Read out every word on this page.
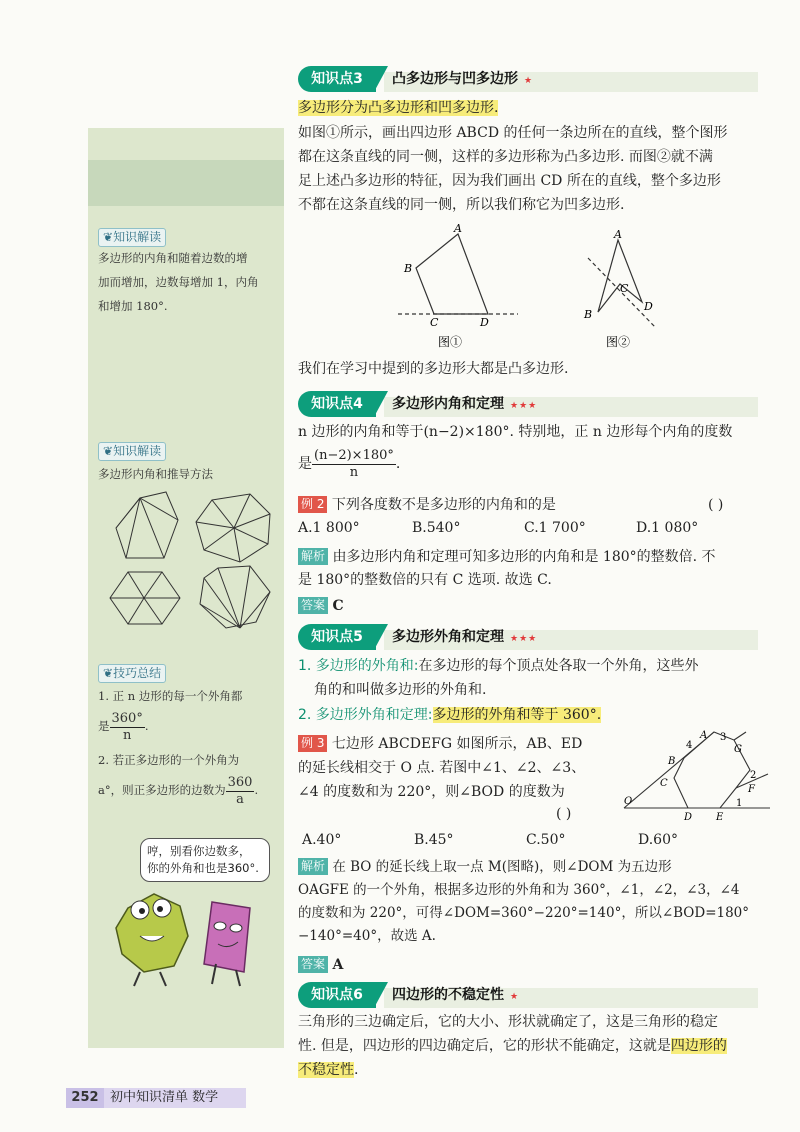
❦知识解读
多边形的内角和随着边数的增
加而增加，边数每增加 1，内角
和增加 180°.
❦知识解读
多边形内角和推导方法
❦技巧总结
1. 正 n 边形的每一个外角都
是 $\frac{360^\circ}{n}$ .
2. 若正多边形的一个外角为
a°，则正多边形的边数为 $\frac{360}{a}$ .
哼，别看你边数多，
你的外角和也是360°.
知识点3	凸多边形与凹多边形 ★
多边形分为凸多边形和凹多边形.
如图①所示，画出四边形 ABCD 的任何一条边所在的直线，整个图形
都在这条直线的同一侧，这样的多边形称为凸多边形. 而图②就不满
足上述凸多边形的特征，因为我们画出 CD 所在的直线，整个多边形
不都在这条直线的同一侧，所以我们称它为凹多边形.
A
B
C	D
A
B
C
D
图①	图②
我们在学习中提到的多边形大都是凸多边形.
知识点4	多边形内角和定理 ★★★
n 边形的内角和等于(n−2)×180°. 特别地，正 n 边形每个内角的度数
是 $\frac{(n-2)\times 180^\circ}{n}$ .
例 2 下列各度数不是多边形的内角和的是	( )
A.1 800°	B.540°	C.1 700°	D.1 080°
解析 由多边形内角和定理可知多边形的内角和是 180°的整数倍. 不
是 180°的整数倍的只有 C 选项. 故选 C.
答案 C
知识点5	多边形外角和定理 ★★★
1. 多边形的外角和:在多边形的每个顶点处各取一个外角，这些外
角的和叫做多边形的外角和.
2. 多边形外角和定理:多边形的外角和等于 360°.
例 3 七边形 ABCDEFG 如图所示，AB、ED
的延长线相交于 O 点. 若图中∠1、∠2、∠3、
∠4 的度数和为 220°，则∠BOD 的度数为
( )
A
B
C
D E
F
G
O	1
2
3
4
A.40°	B.45°	C.50°	D.60°
解析 在 BO 的延长线上取一点 M(图略)，则∠DOM 为五边形
OAGFE 的一个外角，根据多边形的外角和为 360°，∠1，∠2，∠3，∠4
的度数和为 220°，可得∠DOM=360°−220°=140°，所以∠BOD=180°
−140°=40°，故选 A.
答案 A
知识点6	四边形的不稳定性 ★
三角形的三边确定后，它的大小、形状就确定了，这是三角形的稳定
性. 但是，四边形的四边确定后，它的形状不能确定，这就是四边形的
不稳定性.
252 初中知识清单 数学
